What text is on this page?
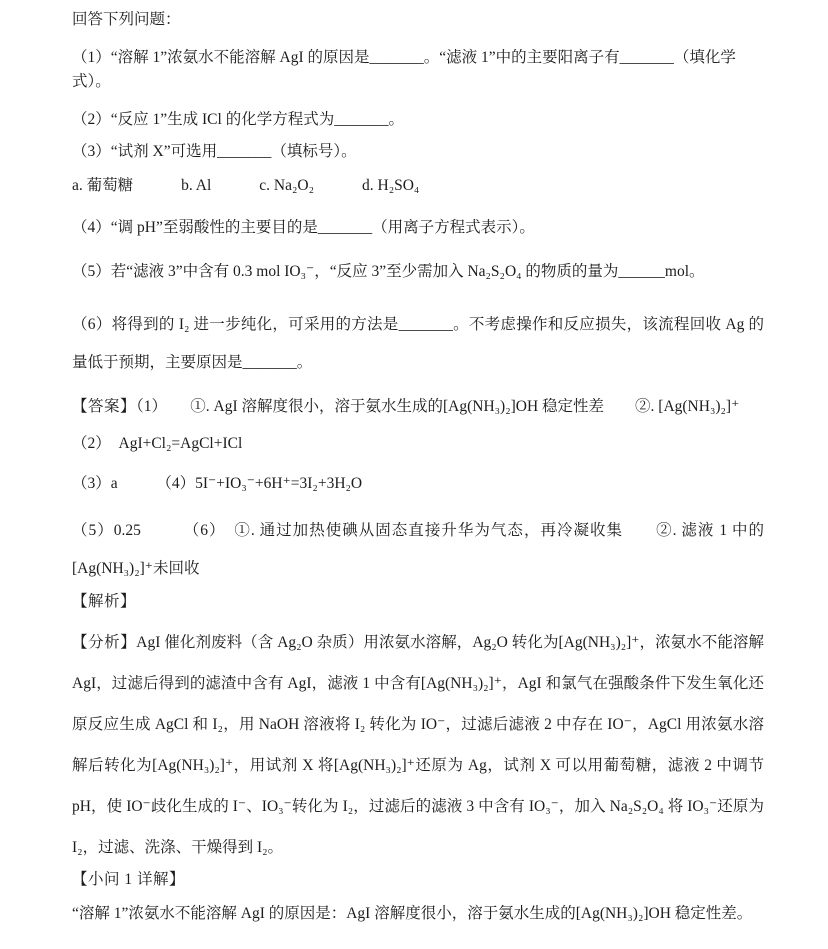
回答下列问题：

（1）“溶解 1”浓氨水不能溶解 AgI 的原因是_______。“滤液 1”中的主要阳离子有_______（填化学式）。

（2）“反应 1”生成 ICl 的化学方程式为_______。

（3）“试剂 X”可选用_______（填标号）。

a. 葡萄糖	b. Al	c. Na₂O₂	d. H₂SO₄

（4）“调 pH”至弱酸性的主要目的是_______（用离子方程式表示）。

（5）若“滤液 3”中含有 0.3 mol IO₃⁻，“反应 3”至少需加入 Na₂S₂O₄ 的物质的量为______mol。

（6）将得到的 I₂ 进一步纯化，可采用的方法是_______。不考虑操作和反应损失，该流程回收 Ag 的量低于预期，主要原因是_______。

【答案】（1）　　①. AgI 溶解度很小，溶于氨水生成的[Ag(NH₃)₂]OH 稳定性差　　②. [Ag(NH₃)₂]⁺

（2）　AgI+Cl₂=AgCl+ICl

（3）a　　　（4）5I⁻+IO₃⁻+6H⁺=3I₂+3H₂O

（5）0.25　　　（6）　①. 通过加热使碘从固态直接升华为气态，再冷凝收集　　②. 滤液 1 中的[Ag(NH₃)₂]⁺未回收

【解析】

【分析】AgI 催化剂废料（含 Ag₂O 杂质）用浓氨水溶解，Ag₂O 转化为[Ag(NH₃)₂]⁺，浓氨水不能溶解 AgI，过滤后得到的滤渣中含有 AgI，滤液 1 中含有[Ag(NH₃)₂]⁺，AgI 和氯气在强酸条件下发生氧化还原反应生成 AgCl 和 I₂，用 NaOH 溶液将 I₂ 转化为 IO⁻，过滤后滤液 2 中存在 IO⁻，AgCl 用浓氨水溶解后转化为[Ag(NH₃)₂]⁺，用试剂 X 将[Ag(NH₃)₂]⁺还原为 Ag，试剂 X 可以用葡萄糖，滤液 2 中调节 pH，使 IO⁻歧化生成的 I⁻、IO₃⁻转化为 I₂，过滤后的滤液 3 中含有 IO₃⁻，加入 Na₂S₂O₄ 将 IO₃⁻还原为 I₂，过滤、洗涤、干燥得到 I₂。

【小问 1 详解】

“溶解 1”浓氨水不能溶解 AgI 的原因是：AgI 溶解度很小，溶于氨水生成的[Ag(NH₃)₂]OH 稳定性差。
